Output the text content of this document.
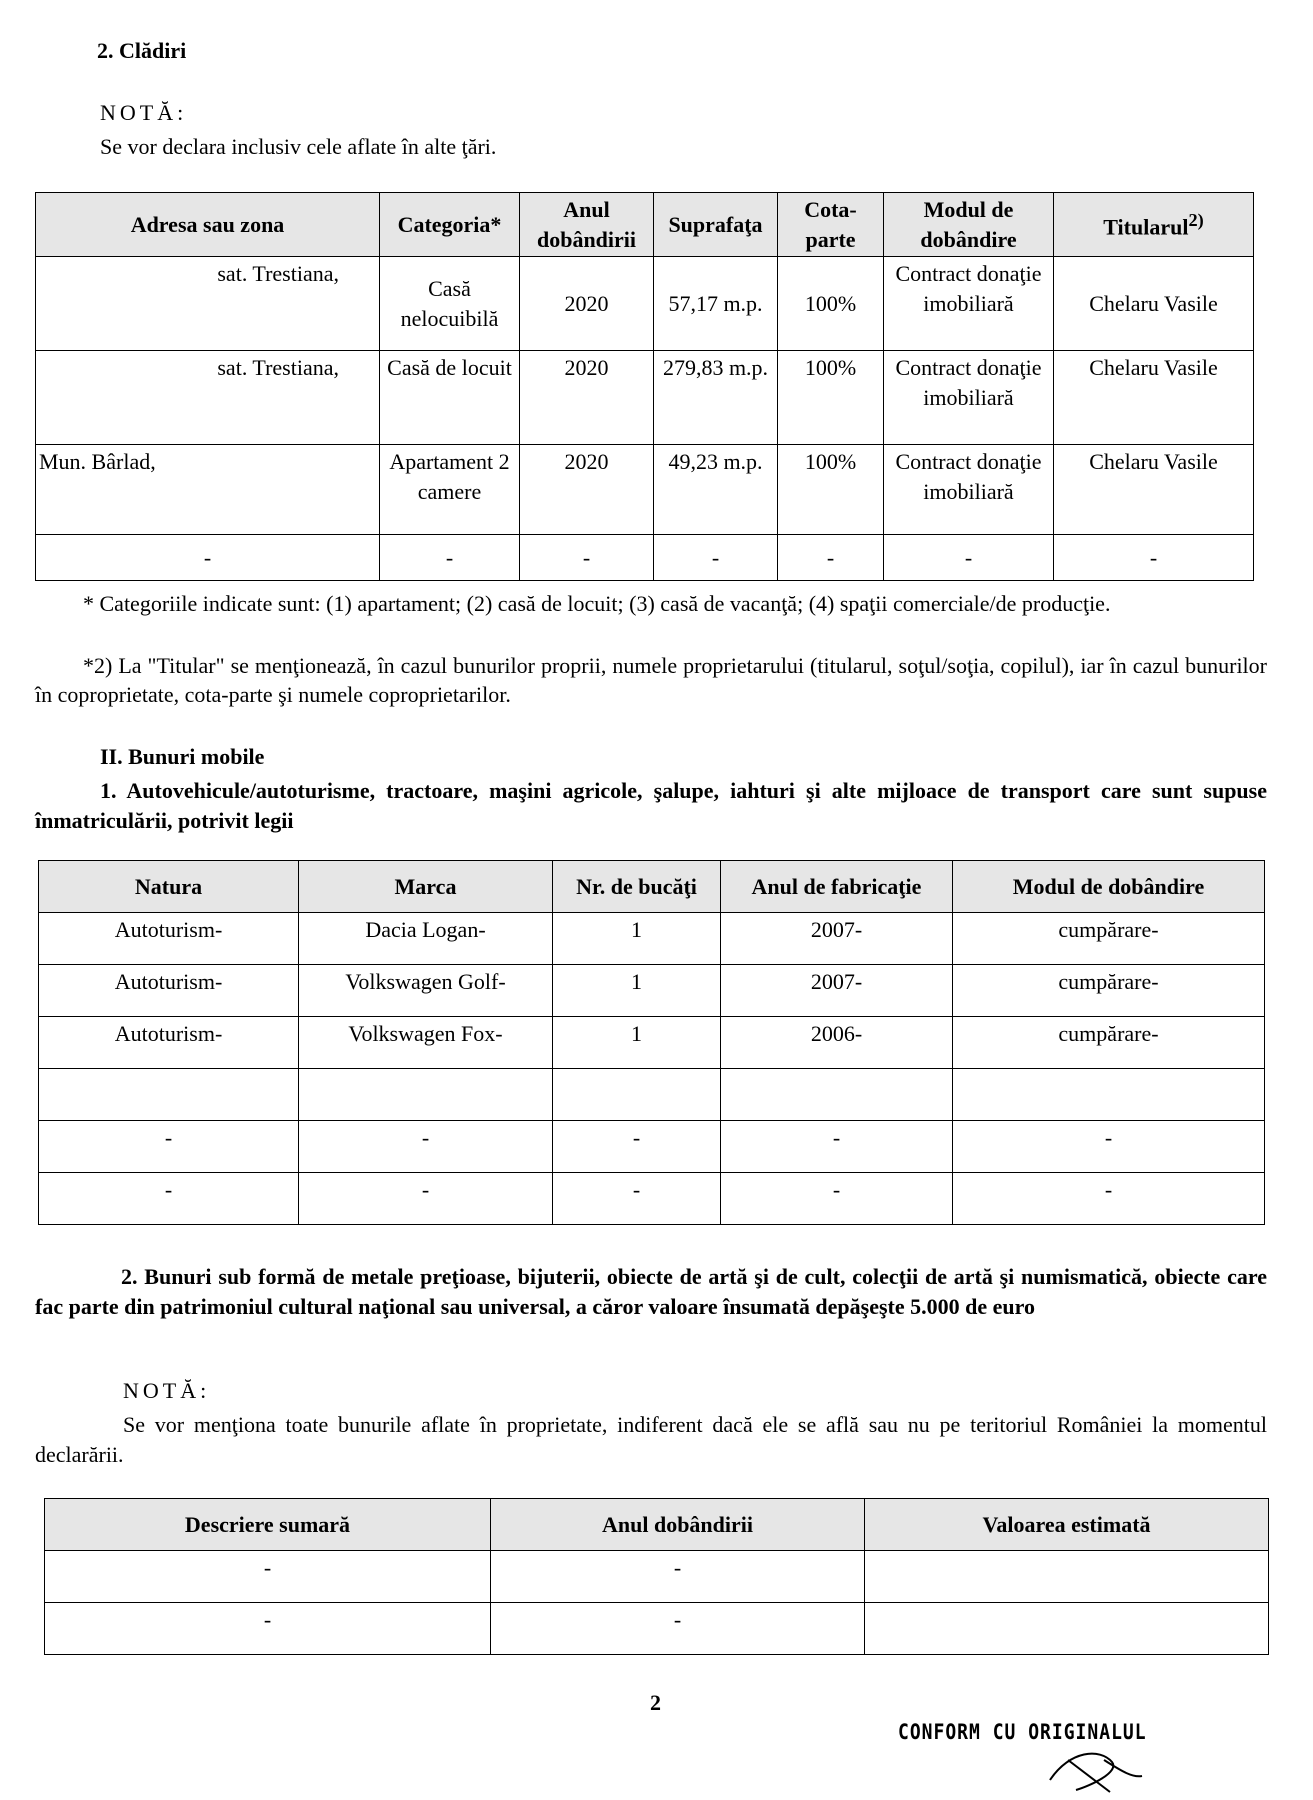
2. Clădiri
NOTĂ:
Se vor declara inclusiv cele aflate în alte ţări.
Adresa sau zona	Categoria*	Anul dobândirii	Suprafaţa	Cota-parte	Modul de dobândire	Titularul$^{2)}$
sat. Trestiana,	Casă nelocuibilă	2020	57,17 m.p.	100%	Contract donaţie imobiliară	Chelaru Vasile
sat. Trestiana,	Casă de locuit	2020	279,83 m.p.	100%	Contract donaţie imobiliară	Chelaru Vasile
Mun. Bârlad,	Apartament 2 camere	2020	49,23 m.p.	100%	Contract donaţie imobiliară	Chelaru Vasile
-	-	-	-	-	-	-

* Categoriile indicate sunt: (1) apartament; (2) casă de locuit; (3) casă de vacanţă; (4) spaţii comerciale/de producţie.

*2) La "Titular" se menţionează, în cazul bunurilor proprii, numele proprietarului (titularul, soţul/soţia, copilul), iar în cazul bunurilor în coproprietate, cota-parte şi numele coproprietarilor.

II. Bunuri mobile

1. Autovehicule/autoturisme, tractoare, maşini agricole, şalupe, iahturi şi alte mijloace de transport care sunt supuse înmatriculării, potrivit legii

Natura	Marca	Nr. de bucăţi	Anul de fabricaţie	Modul de dobândire
Autoturism-	Dacia Logan-	1	2007-	cumpărare-
Autoturism-	Volkswagen Golf-	1	2007-	cumpărare-
Autoturism-	Volkswagen Fox-	1	2006-	cumpărare-

-	-	-	-	-
-	-	-	-	-

2. Bunuri sub formă de metale preţioase, bijuterii, obiecte de artă şi de cult, colecţii de artă şi numismatică, obiecte care fac parte din patrimoniul cultural naţional sau universal, a căror valoare însumată depăşeşte 5.000 de euro

NOTĂ:

Se vor menţiona toate bunurile aflate în proprietate, indiferent dacă ele se află sau nu pe teritoriul României la momentul declarării.

Descriere sumară	Anul dobândirii	Valoarea estimată
-	-	
-	-	
2
CONFORM CU ORIGINALUL
